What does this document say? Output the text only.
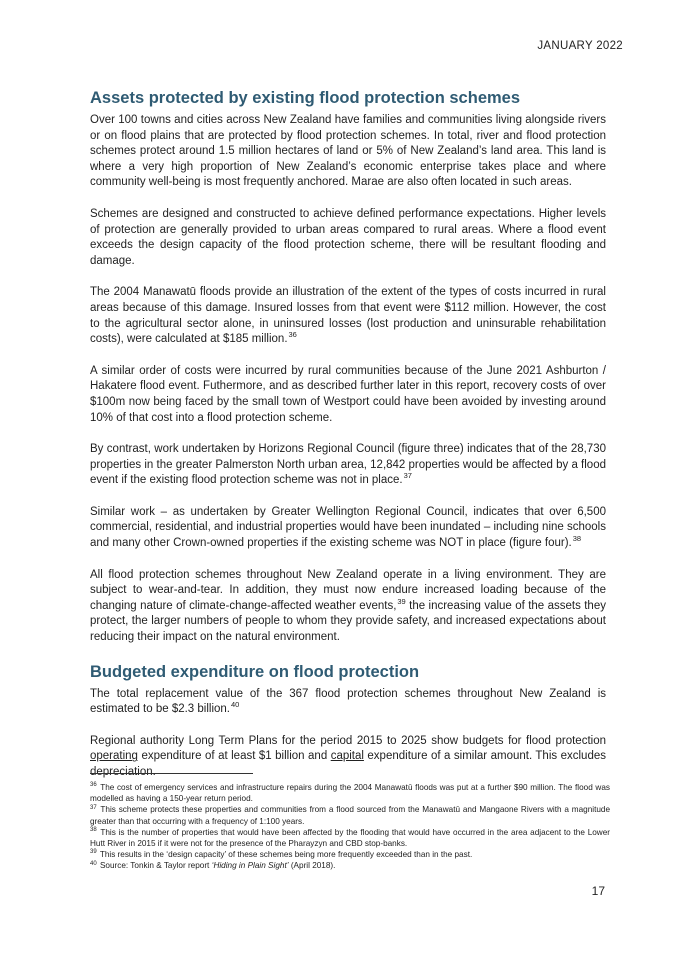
JANUARY 2022
Assets protected by existing flood protection schemes

Over 100 towns and cities across New Zealand have families and communities living alongside rivers or on flood plains that are protected by flood protection schemes. In total, river and flood protection schemes protect around 1.5 million hectares of land or 5% of New Zealand’s land area. This land is where a very high proportion of New Zealand’s economic enterprise takes place and where community well-being is most frequently anchored. Marae are also often located in such areas.

Schemes are designed and constructed to achieve defined performance expectations. Higher levels of protection are generally provided to urban areas compared to rural areas. Where a flood event exceeds the design capacity of the flood protection scheme, there will be resultant flooding and damage.

The 2004 Manawatū floods provide an illustration of the extent of the types of costs incurred in rural areas because of this damage. Insured losses from that event were $112 million. However, the cost to the agricultural sector alone, in uninsured losses (lost production and uninsurable rehabilitation costs), were calculated at $185 million.$^{36}$

A similar order of costs were incurred by rural communities because of the June 2021 Ashburton / Hakatere flood event. Futhermore, and as described further later in this report, recovery costs of over $100m now being faced by the small town of Westport could have been avoided by investing around 10% of that cost into a flood protection scheme.

By contrast, work undertaken by Horizons Regional Council (figure three) indicates that of the 28,730 properties in the greater Palmerston North urban area, 12,842 properties would be affected by a flood event if the existing flood protection scheme was not in place.$^{37}$

Similar work – as undertaken by Greater Wellington Regional Council, indicates that over 6,500 commercial, residential, and industrial properties would have been inundated – including nine schools and many other Crown-owned properties if the existing scheme was NOT in place (figure four).$^{38}$

All flood protection schemes throughout New Zealand operate in a living environment. They are subject to wear-and-tear. In addition, they must now endure increased loading because of the changing nature of climate-change-affected weather events,$^{39}$ the increasing value of the assets they protect, the larger numbers of people to whom they provide safety, and increased expectations about reducing their impact on the natural environment.

Budgeted expenditure on flood protection

The total replacement value of the 367 flood protection schemes throughout New Zealand is estimated to be $2.3 billion.$^{40}$

Regional authority Long Term Plans for the period 2015 to 2025 show budgets for flood protection operating expenditure of at least $1 billion and capital expenditure of a similar amount. This excludes depreciation.

$^{36}$ The cost of emergency services and infrastructure repairs during the 2004 Manawatū floods was put at a further $90 million. The flood was modelled as having a 150-year return period.

$^{37}$ This scheme protects these properties and communities from a flood sourced from the Manawatū and Mangaone Rivers with a magnitude greater than that occurring with a frequency of 1:100 years.

$^{38}$ This is the number of properties that would have been affected by the flooding that would have occurred in the area adjacent to the Lower Hutt River in 2015 if it were not for the presence of the Pharayzyn and CBD stop-banks.

$^{39}$ This results in the ‘design capacity’ of these schemes being more frequently exceeded than in the past.

$^{40}$ Source: Tonkin & Taylor report ‘Hiding in Plain Sight’ (April 2018).

17
